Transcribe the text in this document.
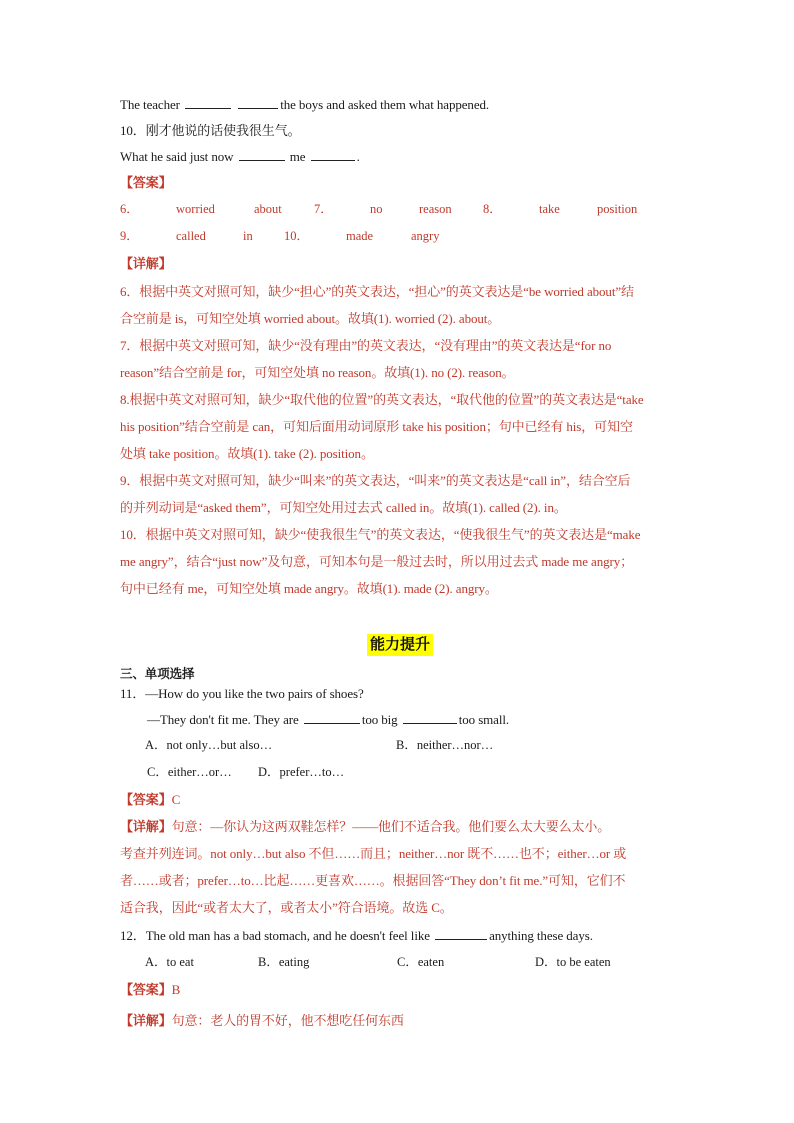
The teacher	the boys and asked them what happened.
10．刚才他说的话使我很生气。
What he said just now	me	.
【答案】
6．	worried	about	7．	no	reason	8．	take	position
9．	called	in	10．	made	angry
【详解】
6．根据中英文对照可知，缺少“担心”的英文表达，“担心”的英文表达是“be worried about”结
合空前是 is，可知空处填 worried about。故填(1). worried (2). about。
7．根据中英文对照可知，缺少“没有理由”的英文表达，“没有理由”的英文表达是“for no
reason”结合空前是 for，可知空处填 no reason。故填(1). no (2). reason。
8.根据中英文对照可知，缺少“取代他的位置”的英文表达，“取代他的位置”的英文表达是“take
his position”结合空前是 can，可知后面用动词原形 take his position；句中已经有 his，可知空
处填 take position。故填(1). take (2). position。
9．根据中英文对照可知，缺少“叫来”的英文表达，“叫来”的英文表达是“call in”，结合空后
的并列动词是“asked them”，可知空处用过去式 called in。故填(1). called (2). in。
10．根据中英文对照可知，缺少“使我很生气”的英文表达，“使我很生气”的英文表达是“make
me angry”，结合“just now”及句意，可知本句是一般过去时，所以用过去式 made me angry；
句中已经有 me，可知空处填 made angry。故填(1). made (2). angry。
能力提升
三、单项选择
11．—How do you like the two pairs of shoes?
—They don't fit me. They are	too big	too small.
A．not only…but also…	B．neither…nor…
C．either…or… D．prefer…to…
【答案】C
【详解】句意：—你认为这两双鞋怎样？——他们不适合我。他们要么太大要么太小。
考查并列连词。not only…but also 不但……而且；neither…nor 既不……也不；either…or 或
者……或者；prefer…to…比起……更喜欢……。根据回答“They don’t fit me.”可知，它们不
适合我，因此“或者太大了，或者太小”符合语境。故选 C。
12．The old man has a bad stomach, and he doesn't feel like	anything these days.
A．to eat	B．eating	C．eaten	D．to be eaten
【答案】B
【详解】句意：老人的胃不好，他不想吃任何东西
